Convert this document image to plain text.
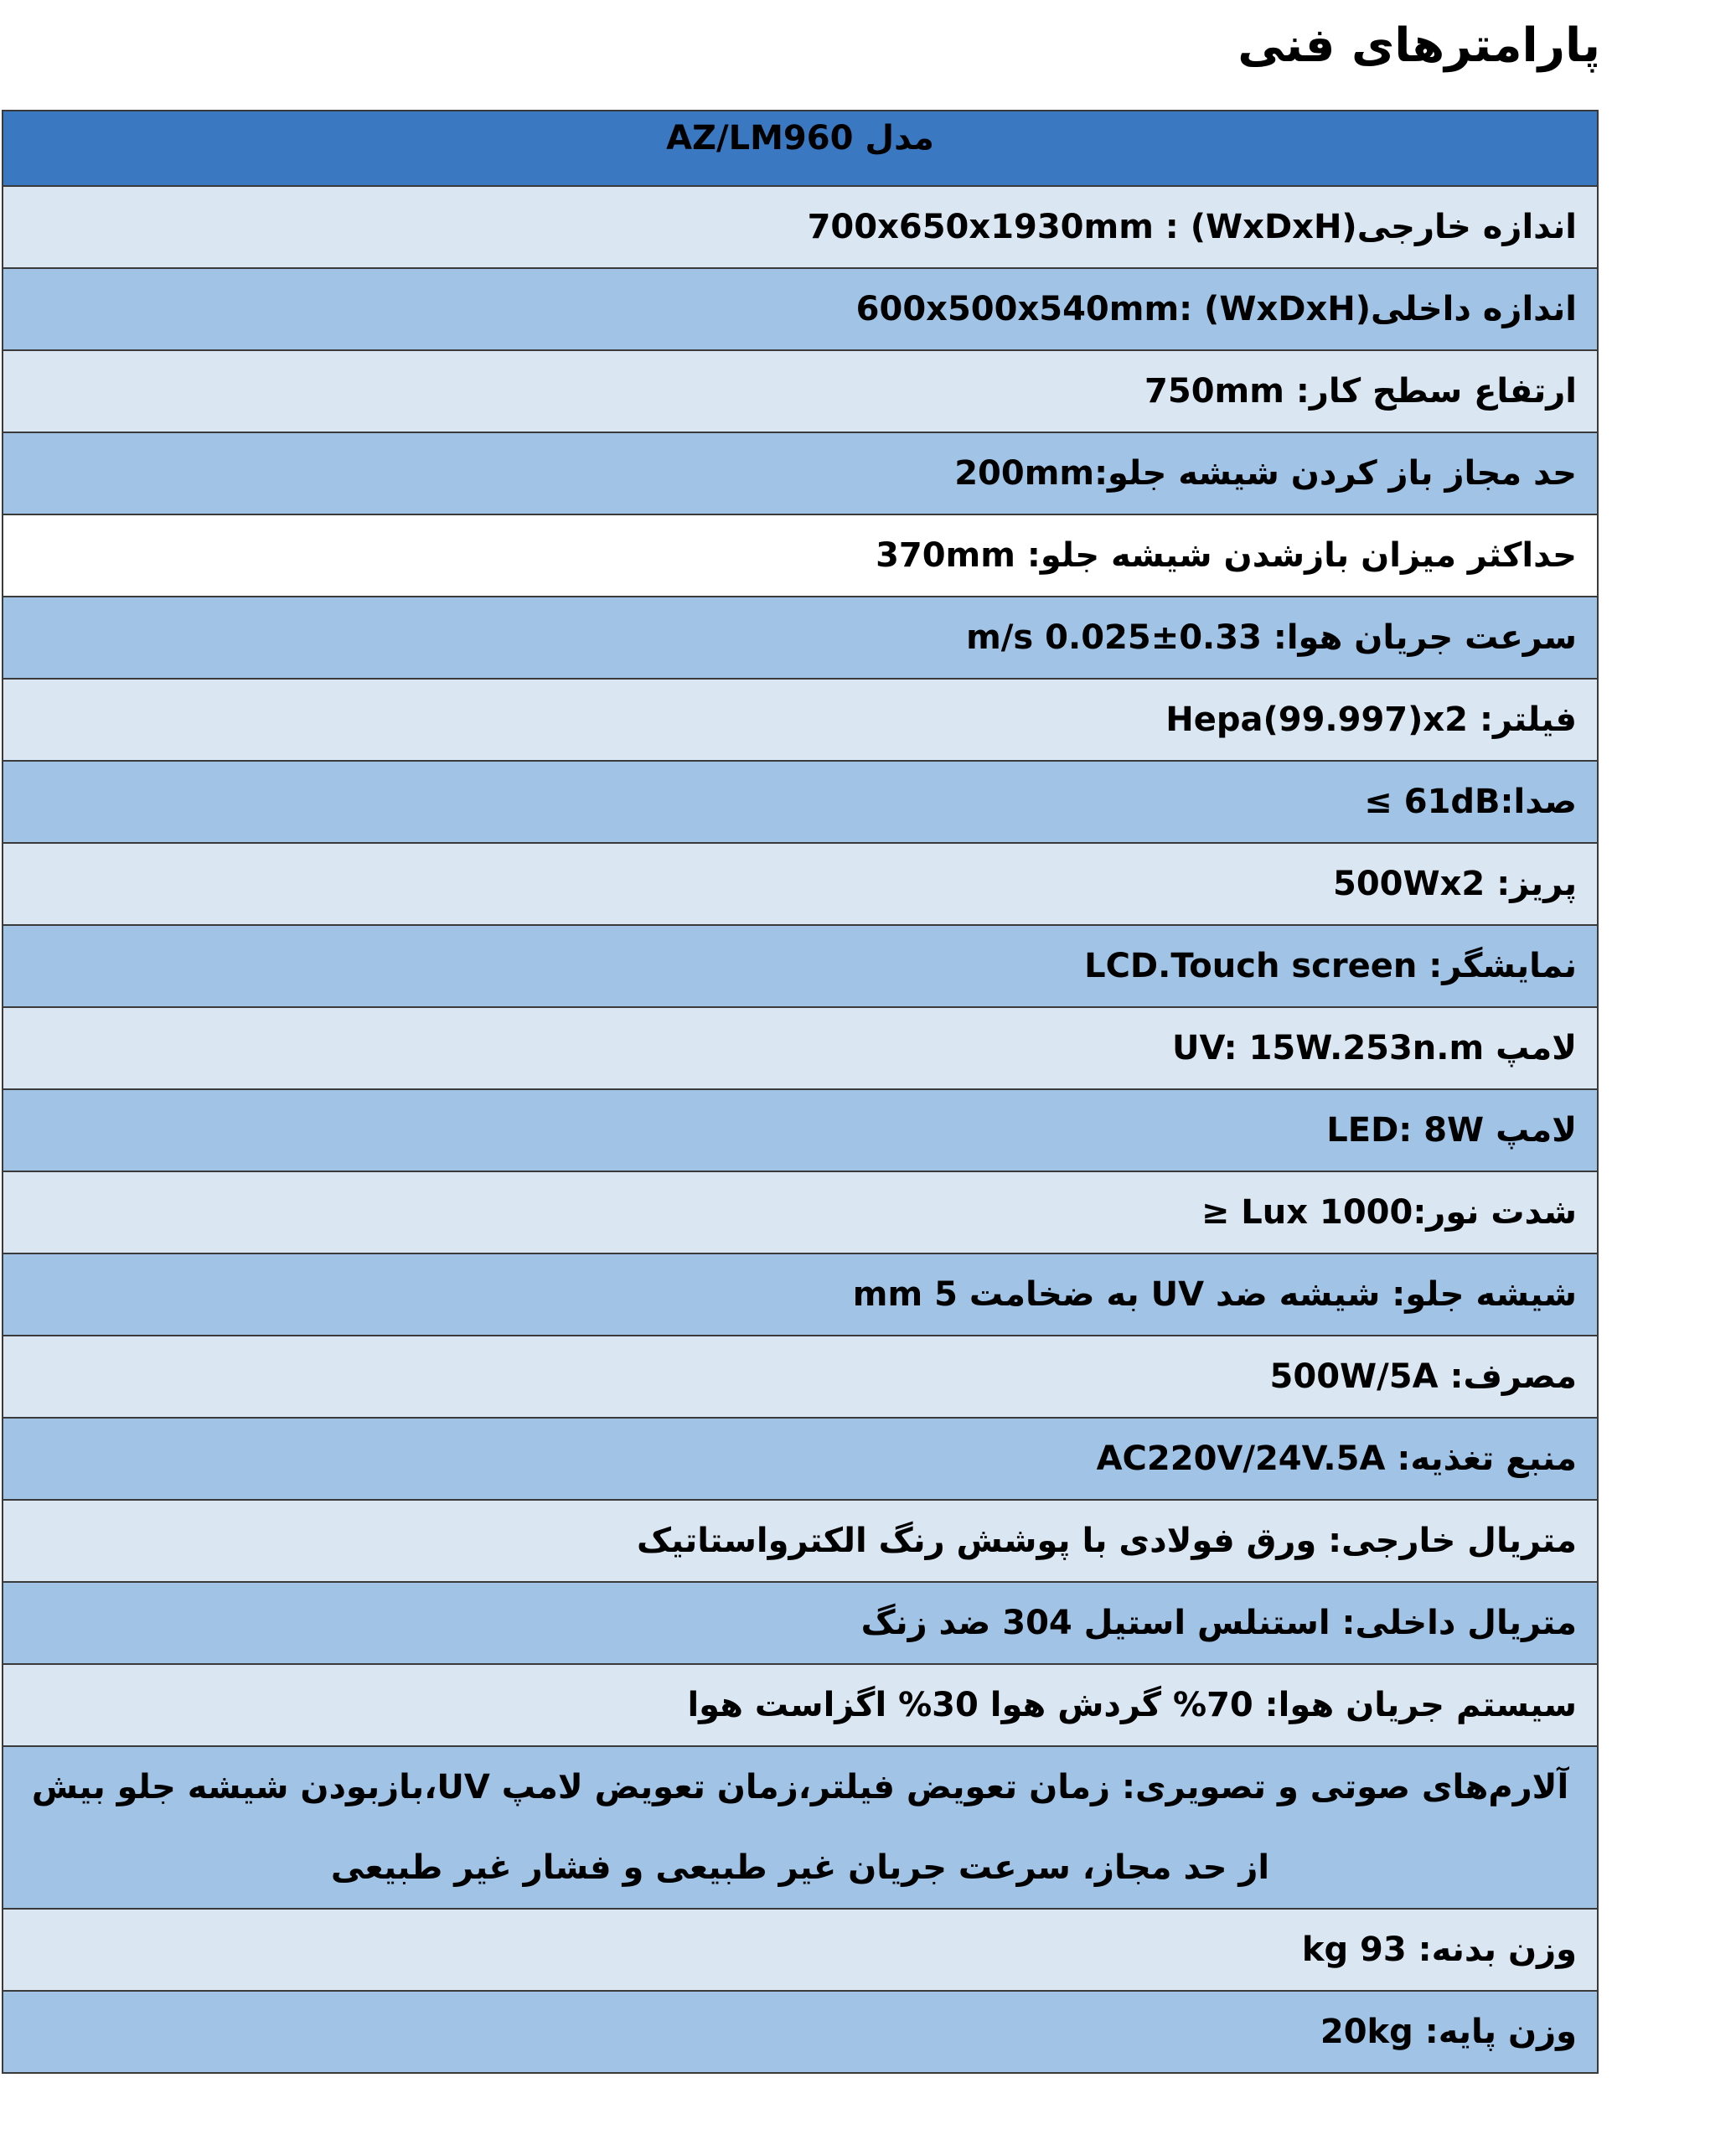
پارامترهای فنی
AZ/LM960 مدل
اندازه خارجی(WxDxH) : 700x650x1930mm
اندازه داخلی(WxDxH) :600x500x540mm
ارتفاع سطح کار: 750mm
حد مجاز باز کردن شیشه جلو:200mm
حداکثر میزان بازشدن شیشه جلو: 370mm
سرعت جریان هوا: 0.33±0.025 m/s
فیلتر: Hepa(99.997)x2
صدا:61dB ≥
پریز: 500Wx2
نمایشگر: LCD.Touch screen
لامپ UV: 15W.253n.m
لامپ LED: 8W
شدت نور:1000 Lux ≤
شیشه جلو: شیشه ضد UV به ضخامت 5 mm
مصرف: 500W/5A
منبع تغذیه: AC220V/24V.5A
متریال خارجی: ورق فولادی با پوشش رنگ الکترواستاتیک
متریال داخلی: استنلس استیل 304 ضد زنگ
سیستم جریان هوا: 70% گردش هوا 30% اگزاست هوا
آلارم‌های صوتی و تصویری: زمان تعویض فیلتر،زمان تعویض لامپ UV،بازبودن شیشه جلو بیش از حد مجاز، سرعت جریان غیر طبیعی و فشار غیر طبیعی
وزن بدنه: 93 kg
وزن پایه: 20kg
